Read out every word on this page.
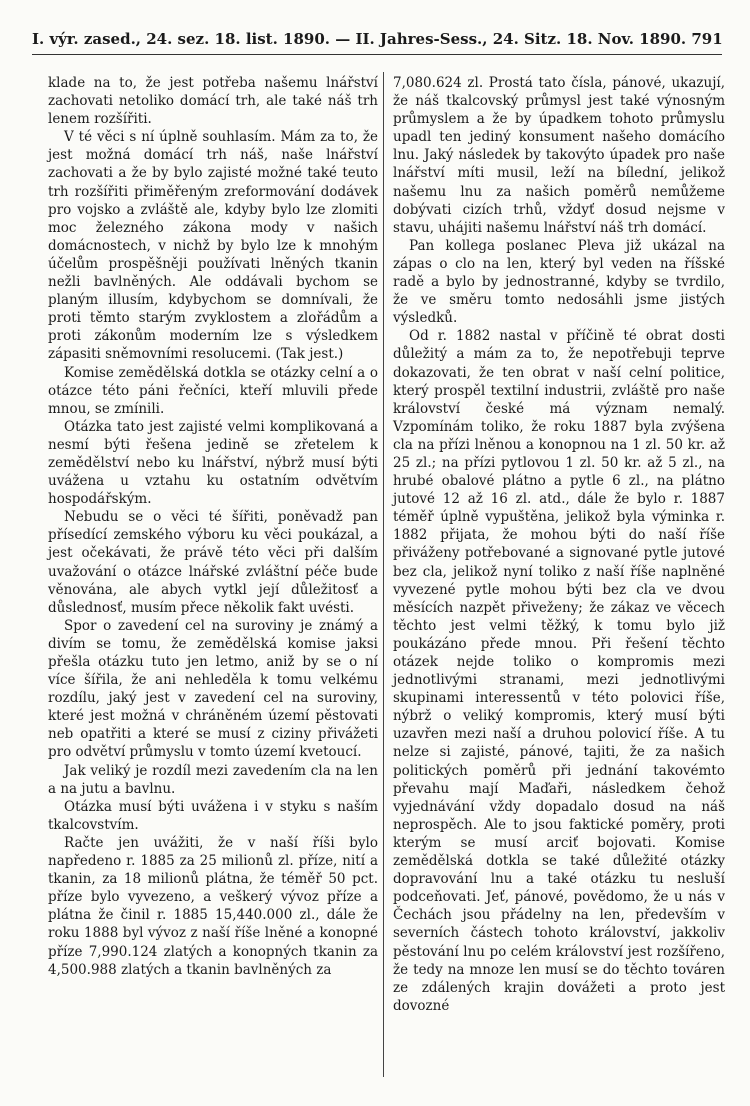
I. výr. zased., 24. sez. 18. list. 1890. — II. Jahres-Sess., 24. Sitz. 18. Nov. 1890. 791

klade na to, že jest potřeba našemu lnářství zachovati netoliko domácí trh, ale také náš trh lenem rozšířiti.

V té věci s ní úplně souhlasím. Mám za to, že jest možná domácí trh náš, naše lnářství zachovati a že by bylo zajisté možné také teuto trh rozšířiti přiměřeným zreformování dodávek pro vojsko a zvláště ale, kdyby bylo lze zlomiti moc železného zákona mody v našich domácnostech, v nichž by bylo lze k mnohým účelům prospěšněji používati lněných tkanin nežli bavlněných. Ale oddávali bychom se planým illusím, kdybychom se domnívali, že proti těmto starým zvyklostem a zlořádům a proti zákonům moderním lze s výsledkem zápasiti sněmovními resolucemi. (Tak jest.)

Komise zemědělská dotkla se otázky celní a o otázce této páni řečníci, kteří mluvili přede mnou, se zmínili.

Otázka tato jest zajisté velmi komplikovaná a nesmí býti řešena jedině se zřetelem k zemědělství nebo ku lnářství, nýbrž musí býti uvážena u vztahu ku ostatním odvětvím hospodářským.

Nebudu se o věci té šířiti, poněvadž pan přísedící zemského výboru ku věci poukázal, a jest očekávati, že právě této věci při dalším uvažování o otázce lnářské zvláštní péče bude věnována, ale abych vytkl její důležitosť a důslednosť, musím přece několik fakt uvésti.

Spor o zavedení cel na suroviny je známý a divím se tomu, že zemědělská komise jaksi přešla otázku tuto jen letmo, aniž by se o ní více šířila, že ani nehleděla k tomu velkému rozdílu, jaký jest v zavedení cel na suroviny, které jest možná v chráněném území pěstovati neb opatřiti a které se musí z ciziny přivážeti pro odvětví průmyslu v tomto území kvetoucí.

Jak veliký je rozdíl mezi zavedením cla na len a na jutu a bavlnu.

Otázka musí býti uvážena i v styku s naším tkalcovstvím.

Račte jen uvážiti, že v naší říši bylo napředeno r. 1885 za 25 milionů zl. příze, nití a tkanin, za 18 milionů plátna, že téměř 50 pct. příze bylo vyvezeno, a veškerý vývoz příze a plátna že činil r. 1885 15,440.000 zl., dále že roku 1888 byl vývoz z naší říše lněné a konopné příze 7,990.124 zlatých a konopných tkanin za 4,500.988 zlatých a tkanin bavlněných za

7,080.624 zl. Prostá tato čísla, pánové, ukazují, že náš tkalcovský průmysl jest také výnosným průmyslem a že by úpadkem tohoto průmyslu upadl ten jediný konsument našeho domácího lnu. Jaký následek by takovýto úpadek pro naše lnářství míti musil, leží na bílední, jelikož našemu lnu za našich poměrů nemůžeme dobývati cizích trhů, vždyť dosud nejsme v stavu, uhájiti našemu lnářství náš trh domácí.

Pan kollega poslanec Pleva již ukázal na zápas o clo na len, který byl veden na říšské radě a bylo by jednostranné, kdyby se tvrdilo, že ve směru tomto nedosáhli jsme jistých výsledků.

Od r. 1882 nastal v příčině té obrat dosti důležitý a mám za to, že nepotřebuji teprve dokazovati, že ten obrat v naší celní politice, který prospěl textilní industrii, zvláště pro naše království české má význam nemalý. Vzpomínám toliko, že roku 1887 byla zvýšena cla na přízi lněnou a konopnou na 1 zl. 50 kr. až 25 zl.; na přízi pytlovou 1 zl. 50 kr. až 5 zl., na hrubé obalové plátno a pytle 6 zl., na plátno jutové 12 až 16 zl. atd., dále že bylo r. 1887 téměř úplně vypuštěna, jelikož byla výminka r. 1882 přijata, že mohou býti do naší říše přiváženy potřebované a signované pytle jutové bez cla, jelikož nyní toliko z naší říše naplněné vyvezené pytle mohou býti bez cla ve dvou měsících nazpět přiveženy; že zákaz ve věcech těchto jest velmi těžký, k tomu bylo již poukázáno přede mnou. Při řešení těchto otázek nejde toliko o kompromis mezi jednotlivými stranami, mezi jednotlivými skupinami interessentů v této polovici říše, nýbrž o veliký kompromis, který musí býti uzavřen mezi naší a druhou polovicí říše. A tu nelze si zajisté, pánové, tajiti, že za našich politických poměrů při jednání takovémto převahu mají Maďaři, následkem čehož vyjednávání vždy dopadalo dosud na náš neprospěch. Ale to jsou faktické poměry, proti kterým se musí arciť bojovati. Komise zemědělská dotkla se také důležité otázky dopravování lnu a také otázku tu nesluší podceňovati. Jeť, pánové, povědomo, že u nás v Čechách jsou přádelny na len, především v severních částech tohoto království, jakkoliv pěstování lnu po celém království jest rozšířeno, že tedy na mnoze len musí se do těchto továren ze zdálených krajin dovážeti a proto jest dovozné
